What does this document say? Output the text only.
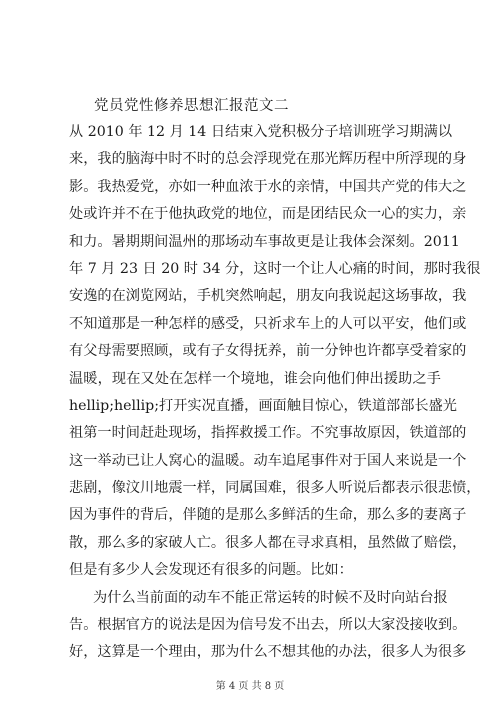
党员党性修养思想汇报范文二
从 2010 年 12 月 14 日结束入党积极分子培训班学习期满以
来，我的脑海中时不时的总会浮现党在那光辉历程中所浮现的身
影。我热爱党，亦如一种血浓于水的亲情，中国共产党的伟大之
处或许并不在于他执政党的地位，而是团结民众一心的实力，亲
和力。暑期期间温州的那场动车事故更是让我体会深刻。2011
年 7 月 23 日 20 时 34 分，这时一个让人心痛的时间，那时我很
安逸的在浏览网站，手机突然响起，朋友向我说起这场事故，我
不知道那是一种怎样的感受，只祈求车上的人可以平安，他们或
有父母需要照顾，或有子女得抚养，前一分钟也许都享受着家的
温暖，现在又处在怎样一个境地，谁会向他们伸出援助之手
hellip;hellip;打开实况直播，画面触目惊心，铁道部部长盛光
祖第一时间赶赴现场，指挥救援工作。不究事故原因，铁道部的
这一举动已让人窝心的温暖。动车追尾事件对于国人来说是一个
悲剧，像汶川地震一样，同属国难，很多人听说后都表示很悲愤，
因为事件的背后，伴随的是那么多鲜活的生命，那么多的妻离子
散，那么多的家破人亡。很多人都在寻求真相，虽然做了赔偿，
但是有多少人会发现还有很多的问题。比如：
为什么当前面的动车不能正常运转的时候不及时向站台报
告。根据官方的说法是因为信号发不出去，所以大家没接收到。
好，这算是一个理由，那为什么不想其他的办法，很多人为很多
第 4 页 共 8 页
